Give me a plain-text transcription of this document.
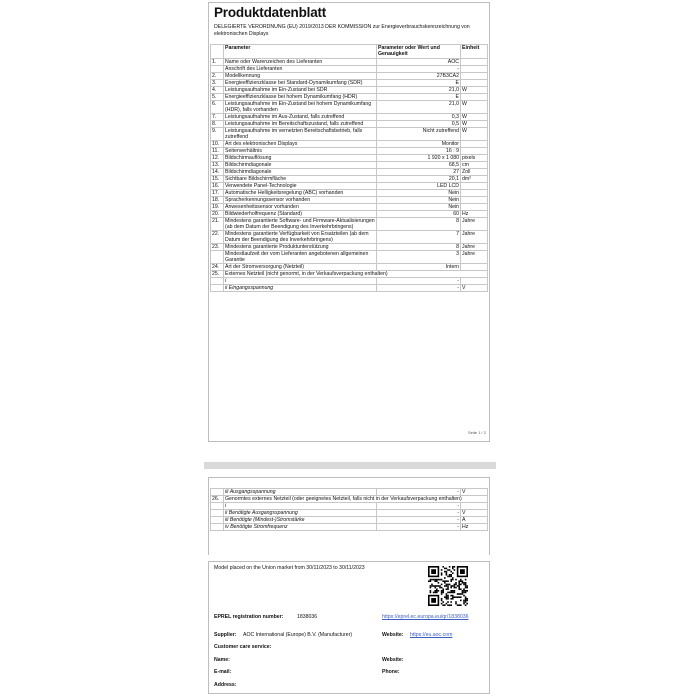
Produktdatenblatt
DELEGIERTE VERORDNUNG (EU) 2019/2013 DER KOMMISSION zur Energieverbrauchskennzeichnung von elektronischen Displays
	Parameter	Parameter oder Wert und Genauigkeit	Einheit
1.	Name oder Warenzeichen des Lieferanten	AOC	
	Anschrift des Lieferanten	-	
2.	Modellkennung	27B3CA2	
3.	Energieeffizienzklasse bei Standard-Dynamikumfang (SDR)	E	
4.	Leistungsaufnahme im Ein-Zustand bei SDR	21,0	W
5.	Energieeffizienzklasse bei hohem Dynamikumfang (HDR)	E	
6.	Leistungsaufnahme im Ein-Zustand bei hohem Dynamikumfang (HDR), falls vorhanden	21,0	W
7.	Leistungsaufnahme im Aus-Zustand, falls zutreffend	0,3	W
8.	Leistungsaufnahme im Bereitschaftszustand, falls zutreffend	0,5	W
9.	Leistungsaufnahme im vernetzten Bereitschaftsbetrieb, falls zutreffend	Nicht zutreffend	W
10.	Art des elektronischen Displays	Monitor	
11.	Seitenverhältnis	16 : 9	
12.	Bildschirmauflösung	1 920 x 1 080	pixels
13.	Bildschirmdiagonale	68,5	cm
14.	Bildschirmdiagonale	27	Zoll
15.	Sichtbare Bildschirmfläche	20,1	dm²
16.	Verwendete Panel-Technologie	LED LCD	
17.	Automatische Helligkeitsregelung (ABC) vorhanden	Nein	
18.	Spracherkennungssensor vorhanden	Nein	
19.	Anwesenheitssensor vorhanden	Nein	
20.	Bildwiederholfrequenz (Standard)	60	Hz
21.	Mindestens garantierte Software- und Firmware-Aktualisierungen (ab dem Datum der Beendigung des Inverkehrbringens)	8	Jahre
22.	Mindestens garantierte Verfügbarkeit von Ersatzteilen (ab dem Datum der Beendigung des Inverkehrbringens)	7	Jahre
23.	Mindestens garantierte Produktunterstützung	8	Jahre
	Mindestlaufzeit der vom Lieferanten angebotenen allgemeinen Garantie	3	Jahre
24.	Art der Stromversorgung (Netzteil)	Intern	
25.	Externes Netzteil (nicht genormt, in der Verkaufsverpackung enthalten)		
	i	-	
	ii Eingangsspannung	-	V
Seite 1 / 2
	iii Ausgangsspannung	-	V
26.	Genormtes externes Netzteil (oder geeignetes Netzteil, falls nicht in der Verkaufsverpackung enthalten)		
	i	-	
	ii Benötigte Ausgangsspannung	-	V
	iii Benötigte (Mindest-)Stromstärke	-	A
	iv Benötigte Stromfrequenz	-	Hz
Model placed on the Union market from 30/11/2023 to 30/11/2023
EPREL registration number:	1838036	https://eprel.ec.europa.eu/qr/1838036
Supplier: AOC International (Europe) B.V. (Manufacturer)	Website: https://eu.aoc.com
Customer care service:
Name:	Website:
E-mail:	Phone:
Address:
